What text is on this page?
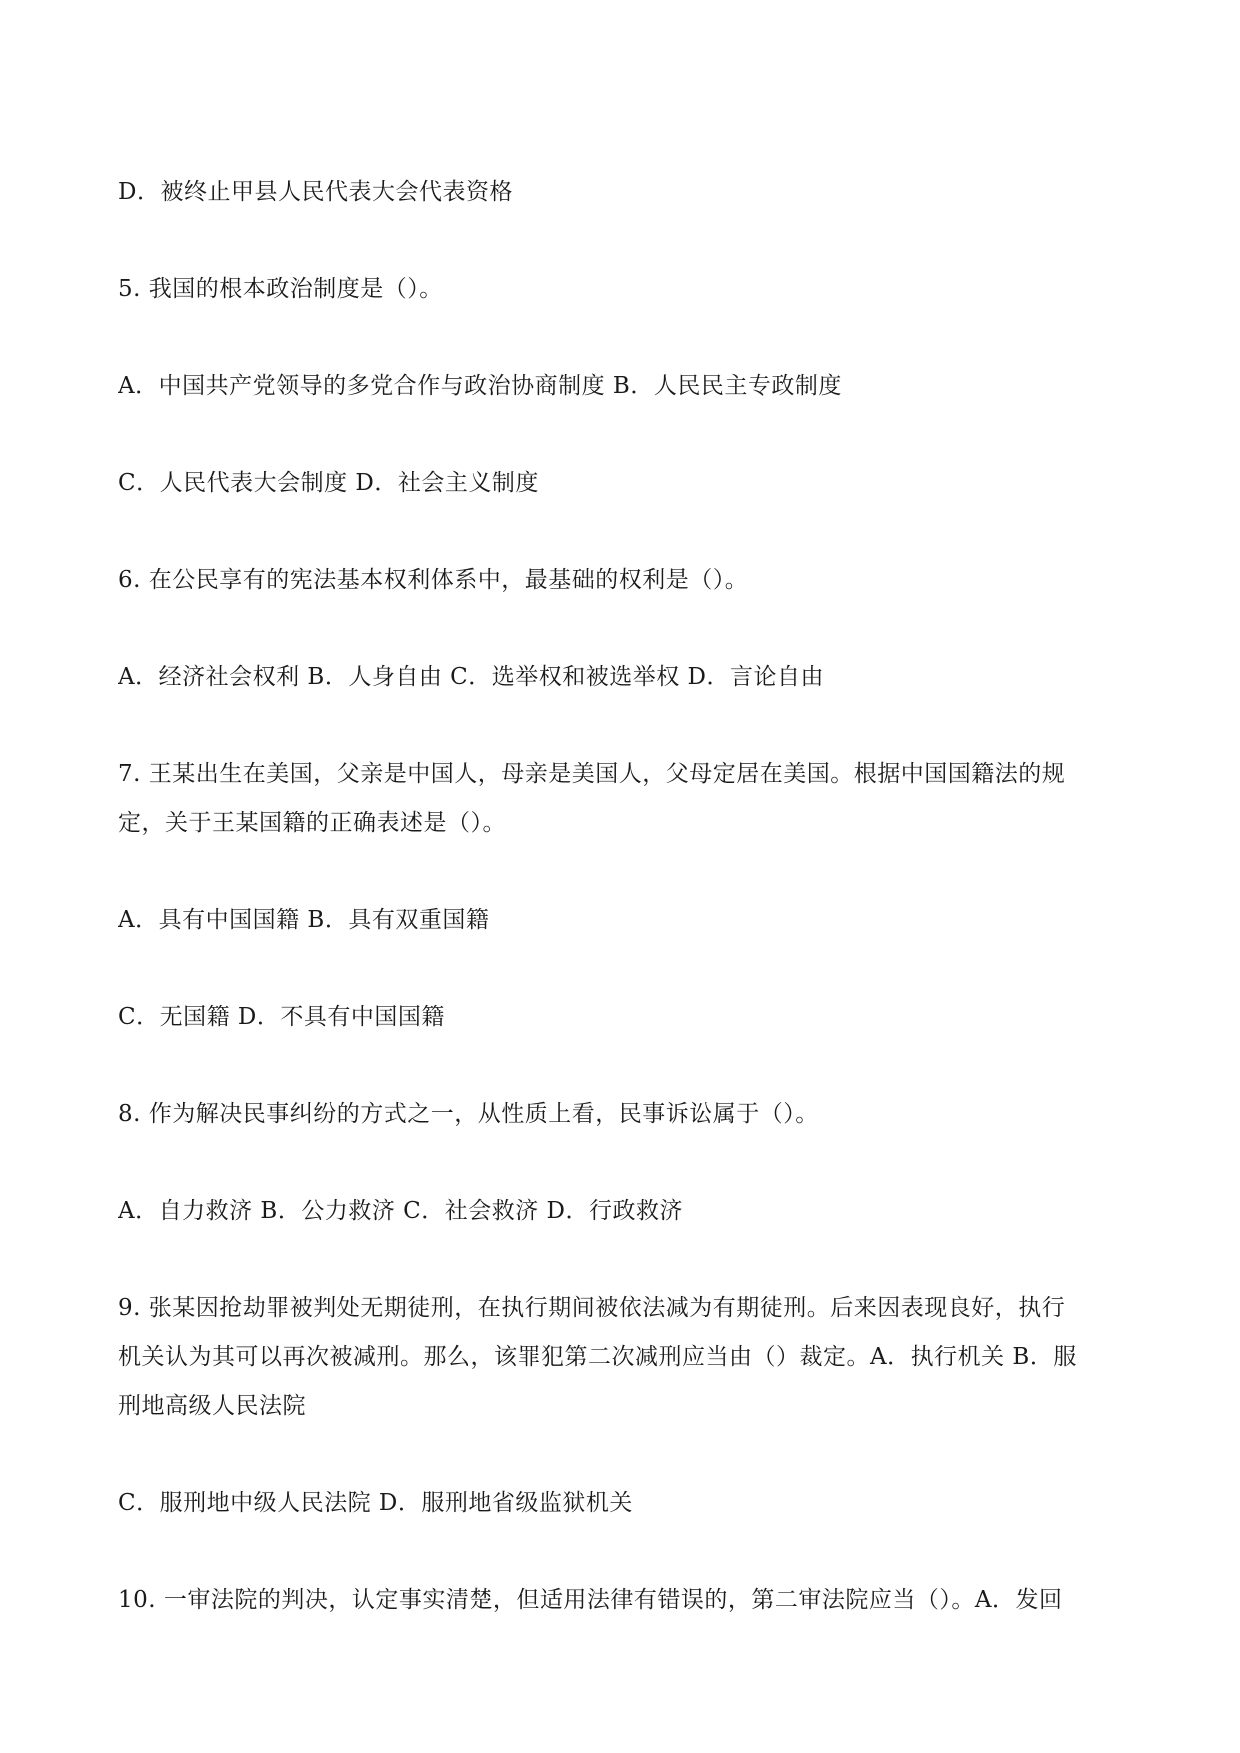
D．被终止甲县人民代表大会代表资格
5. 我国的根本政治制度是（）。
A．中国共产党领导的多党合作与政治协商制度 B．人民民主专政制度
C．人民代表大会制度 D．社会主义制度
6. 在公民享有的宪法基本权利体系中，最基础的权利是（）。
A．经济社会权利 B．人身自由 C．选举权和被选举权 D．言论自由
7. 王某出生在美国，父亲是中国人，母亲是美国人，父母定居在美国。根据中国国籍法的规
定，关于王某国籍的正确表述是（）。
A．具有中国国籍 B．具有双重国籍
C．无国籍 D．不具有中国国籍
8. 作为解决民事纠纷的方式之一，从性质上看，民事诉讼属于（）。
A．自力救济 B．公力救济 C．社会救济 D．行政救济
9. 张某因抢劫罪被判处无期徒刑，在执行期间被依法减为有期徒刑。后来因表现良好，执行
机关认为其可以再次被减刑。那么，该罪犯第二次减刑应当由（）裁定。A．执行机关 B．服
刑地高级人民法院
C．服刑地中级人民法院 D．服刑地省级监狱机关
10. 一审法院的判决，认定事实清楚，但适用法律有错误的，第二审法院应当（）。A．发回
